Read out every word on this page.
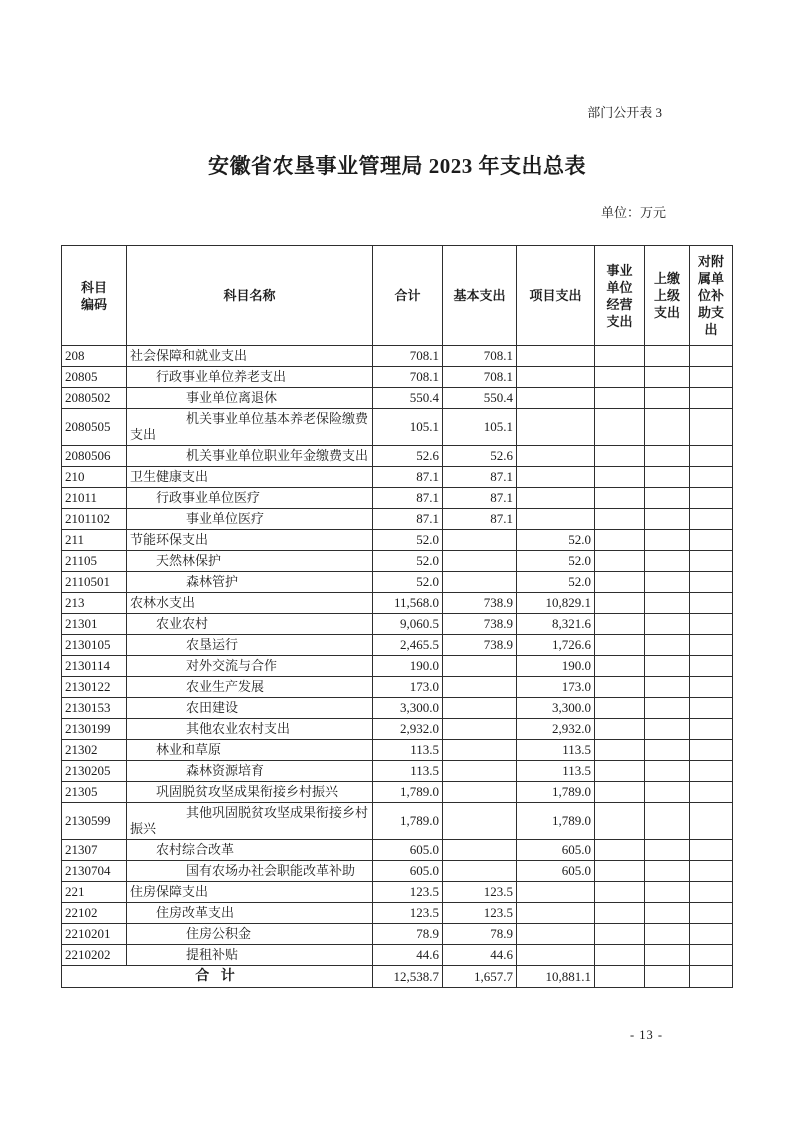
部门公开表 3
安徽省农垦事业管理局 2023 年支出总表
单位：万元
科目编码	科目名称	合计	基本支出	项目支出	事业单位经营支出	上缴上级支出	对附属单位补助支出
208	社会保障和就业支出	708.1	708.1				
20805	行政事业单位养老支出	708.1	708.1				
2080502	事业单位离退休	550.4	550.4				
2080505	机关事业单位基本养老保险缴费支出	105.1	105.1				
2080506	机关事业单位职业年金缴费支出	52.6	52.6				
210	卫生健康支出	87.1	87.1				
21011	行政事业单位医疗	87.1	87.1				
2101102	事业单位医疗	87.1	87.1				
211	节能环保支出	52.0		52.0			
21105	天然林保护	52.0		52.0			
2110501	森林管护	52.0		52.0			
213	农林水支出	11,568.0	738.9	10,829.1			
21301	农业农村	9,060.5	738.9	8,321.6			
2130105	农垦运行	2,465.5	738.9	1,726.6			
2130114	对外交流与合作	190.0		190.0			
2130122	农业生产发展	173.0		173.0			
2130153	农田建设	3,300.0		3,300.0			
2130199	其他农业农村支出	2,932.0		2,932.0			
21302	林业和草原	113.5		113.5			
2130205	森林资源培育	113.5		113.5			
21305	巩固脱贫攻坚成果衔接乡村振兴	1,789.0		1,789.0			
2130599	其他巩固脱贫攻坚成果衔接乡村振兴	1,789.0		1,789.0			
21307	农村综合改革	605.0		605.0			
2130704	国有农场办社会职能改革补助	605.0		605.0			
221	住房保障支出	123.5	123.5				
22102	住房改革支出	123.5	123.5				
2210201	住房公积金	78.9	78.9				
2210202	提租补贴	44.6	44.6				
合 计		12,538.7	1,657.7	10,881.1			
- 13 -
